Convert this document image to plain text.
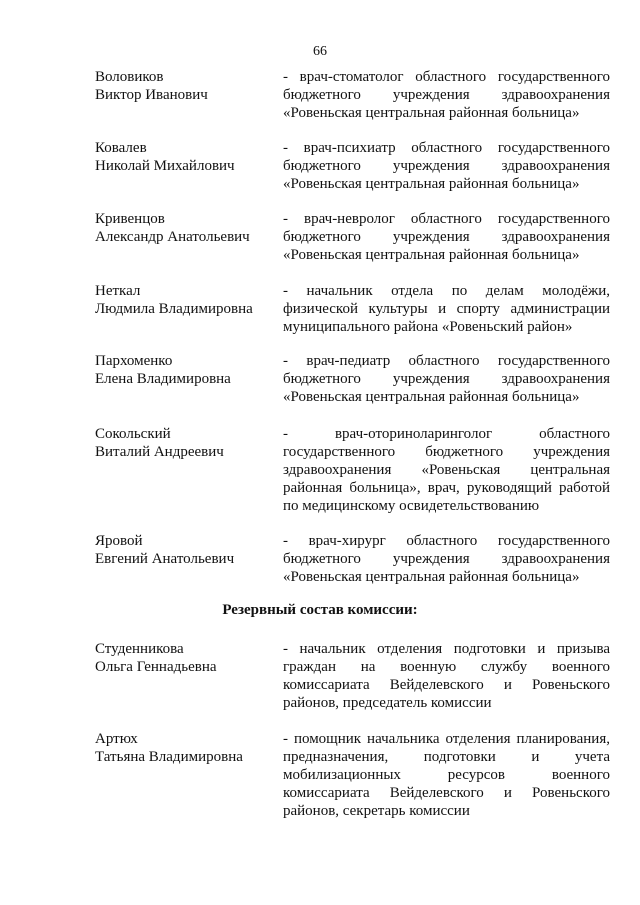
66
Воловиков
Виктор Иванович
- врач-стоматолог областного государственного бюджетного учреждения здравоохранения «Ровеньская центральная районная больница»
Ковалев
Николай Михайлович
- врач-психиатр областного государственного бюджетного учреждения здравоохранения «Ровеньская центральная районная больница»
Кривенцов
Александр Анатольевич
- врач-невролог областного государственного бюджетного учреждения здравоохранения «Ровеньская центральная районная больница»
Неткал
Людмила Владимировна
- начальник отдела по делам молодёжи, физической культуры и спорту администрации муниципального района «Ровеньский район»
Пархоменко
Елена Владимировна
- врач-педиатр областного государственного бюджетного учреждения здравоохранения «Ровеньская центральная районная больница»
Сокольский
Виталий Андреевич
- врач-оториноларинголог областного государственного бюджетного учреждения здравоохранения «Ровеньская центральная районная больница», врач, руководящий работой по медицинскому освидетельствованию
Яровой
Евгений Анатольевич
- врач-хирург областного государственного бюджетного учреждения здравоохранения «Ровеньская центральная районная больница»
Резервный состав комиссии:
Студенникова
Ольга Геннадьевна
- начальник отделения подготовки и призыва граждан на военную службу военного комиссариата Вейделевского и Ровеньского районов, председатель комиссии
Артюх
Татьяна Владимировна
- помощник начальника отделения планирования, предназначения, подготовки и учета мобилизационных ресурсов военного комиссариата Вейделевского и Ровеньского районов, секретарь комиссии
